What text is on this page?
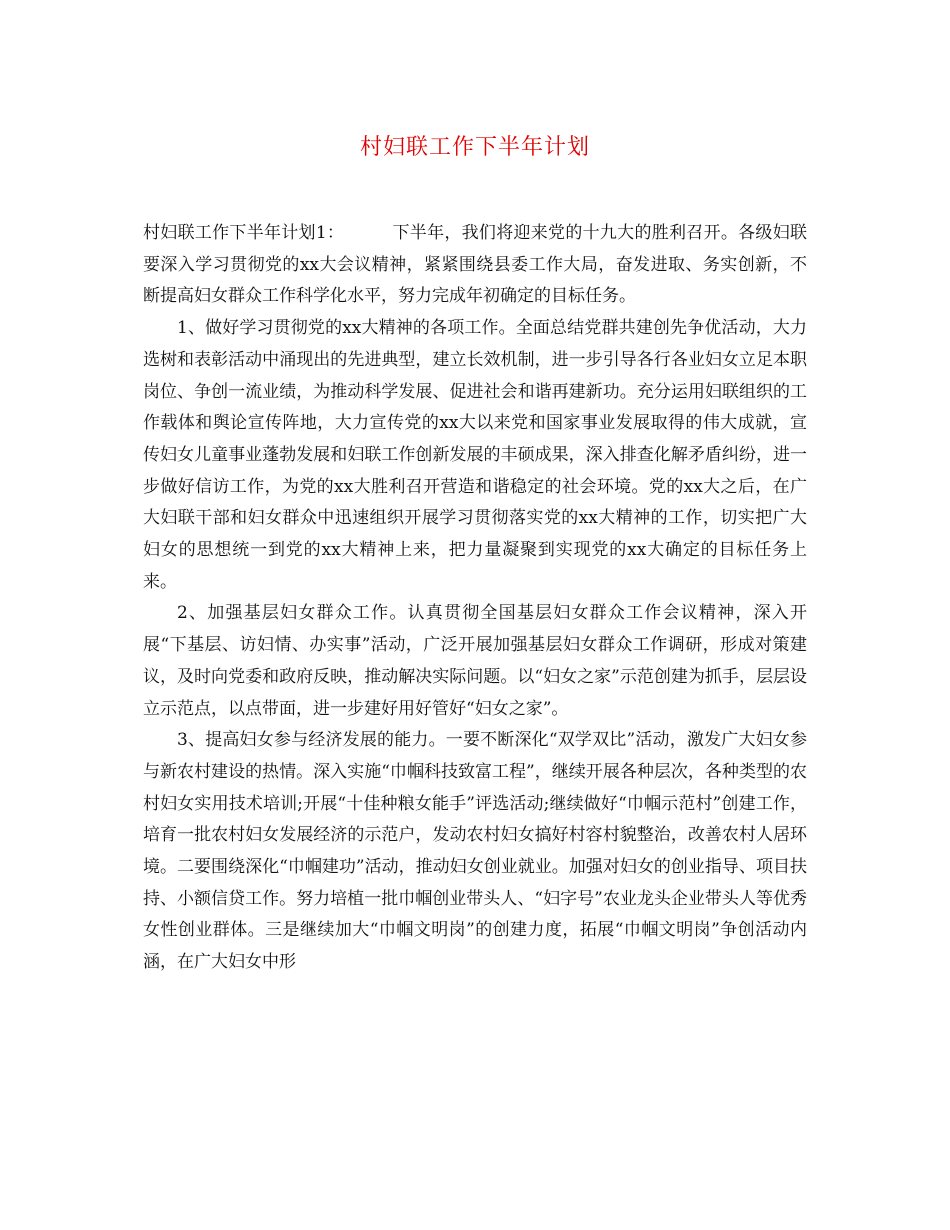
村妇联工作下半年计划

村妇联工作下半年计划1：	下半年，我们将迎来党的十九大的胜利召开。各级妇联要深入学习贯彻党的xx大会议精神，紧紧围绕县委工作大局，奋发进取、务实创新，不断提高妇女群众工作科学化水平，努力完成年初确定的目标任务。

1、做好学习贯彻党的xx大精神的各项工作。全面总结党群共建创先争优活动，大力选树和表彰活动中涌现出的先进典型，建立长效机制，进一步引导各行各业妇女立足本职岗位、争创一流业绩，为推动科学发展、促进社会和谐再建新功。充分运用妇联组织的工作载体和舆论宣传阵地，大力宣传党的xx大以来党和国家事业发展取得的伟大成就，宣传妇女儿童事业蓬勃发展和妇联工作创新发展的丰硕成果，深入排查化解矛盾纠纷，进一步做好信访工作，为党的xx大胜利召开营造和谐稳定的社会环境。党的xx大之后，在广大妇联干部和妇女群众中迅速组织开展学习贯彻落实党的xx大精神的工作，切实把广大妇女的思想统一到党的xx大精神上来，把力量凝聚到实现党的xx大确定的目标任务上来。

2、加强基层妇女群众工作。认真贯彻全国基层妇女群众工作会议精神，深入开展“下基层、访妇情、办实事”活动，广泛开展加强基层妇女群众工作调研，形成对策建议，及时向党委和政府反映，推动解决实际问题。以“妇女之家”示范创建为抓手，层层设立示范点，以点带面，进一步建好用好管好“妇女之家”。

3、提高妇女参与经济发展的能力。一要不断深化“双学双比”活动，激发广大妇女参与新农村建设的热情。深入实施“巾帼科技致富工程”，继续开展各种层次，各种类型的农村妇女实用技术培训;开展“十佳种粮女能手”评选活动;继续做好“巾帼示范村”创建工作，培育一批农村妇女发展经济的示范户，发动农村妇女搞好村容村貌整治，改善农村人居环境。二要围绕深化“巾帼建功”活动，推动妇女创业就业。加强对妇女的创业指导、项目扶持、小额信贷工作。努力培植一批巾帼创业带头人、“妇字号”农业龙头企业带头人等优秀女性创业群体。三是继续加大“巾帼文明岗”的创建力度，拓展“巾帼文明岗”争创活动内涵，在广大妇女中形
